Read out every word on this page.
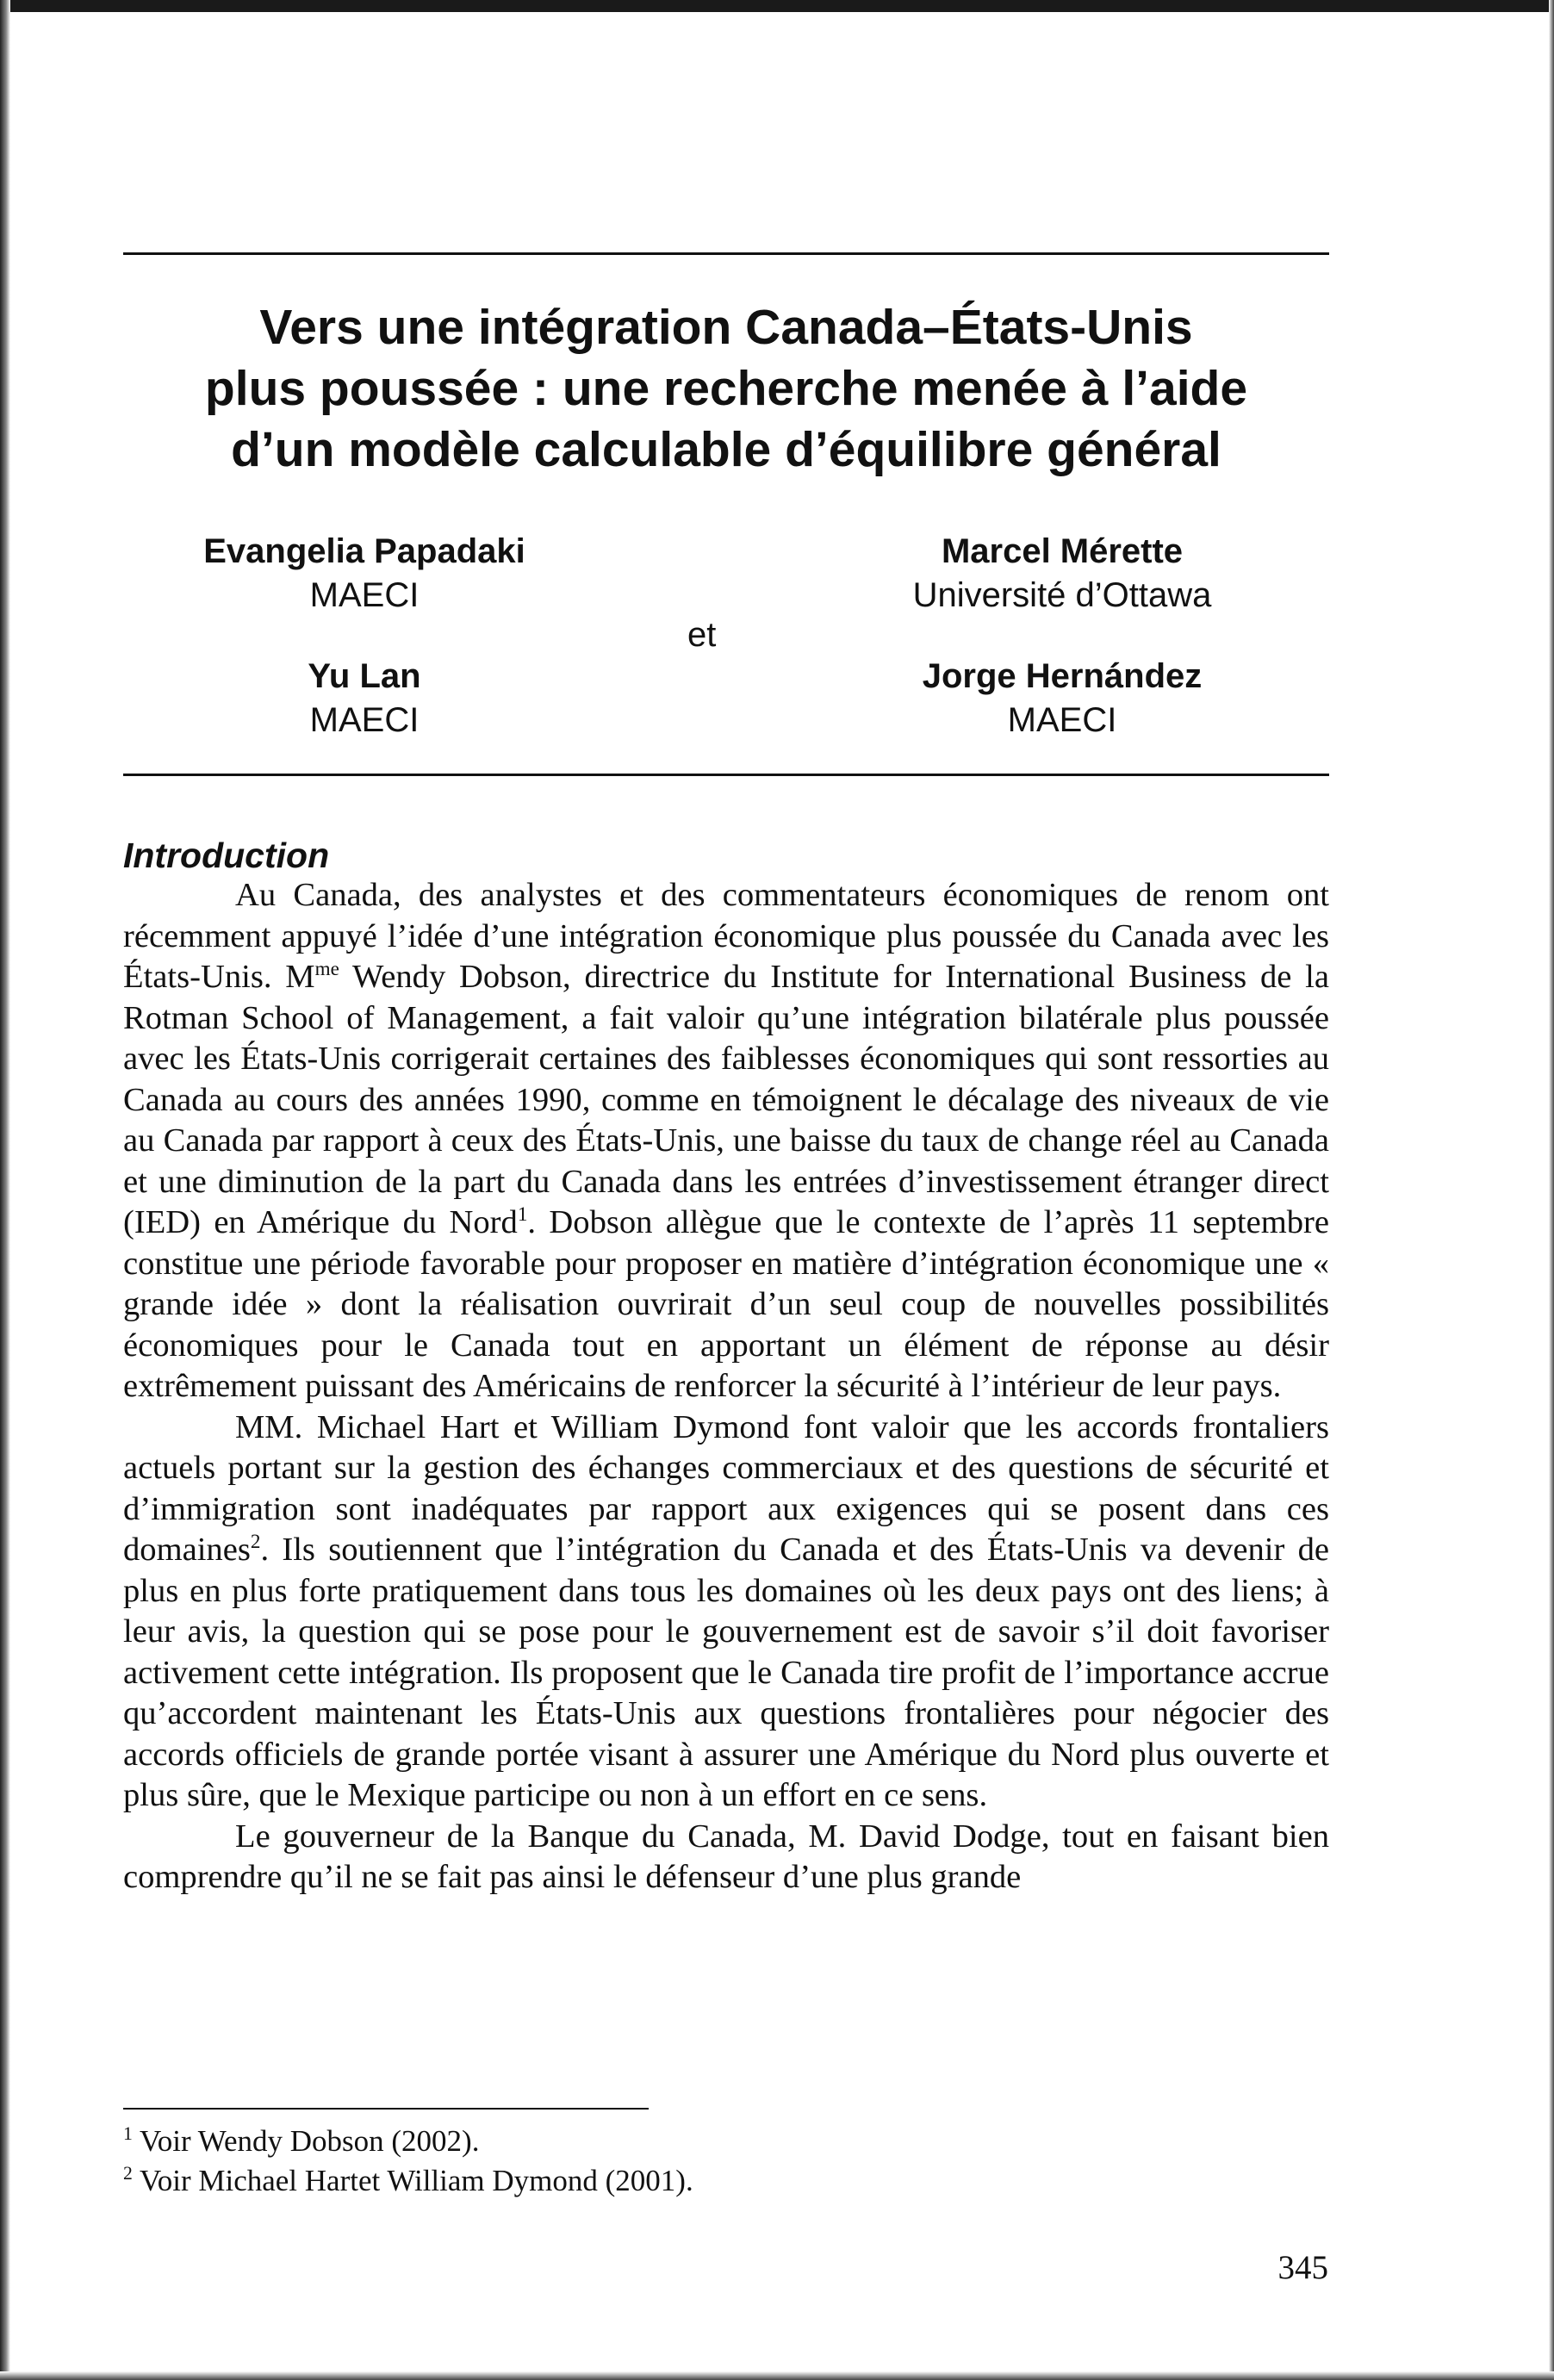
Vers une intégration Canada–États-Unis
plus poussée : une recherche menée à l’aide
d’un modèle calculable d’équilibre général
Evangelia Papadaki
MAECI
Marcel Mérette
Université d’Ottawa
et
Yu Lan
MAECI
Jorge Hernández
MAECI
Introduction

Au Canada, des analystes et des commentateurs économiques de renom ont récemment appuyé l’idée d’une intégration économique plus poussée du Canada avec les États-Unis. $M^{me}$ Wendy Dobson, directrice du Institute for International Business de la Rotman School of Management, a fait valoir qu’une intégration bilatérale plus poussée avec les États-Unis corrigerait certaines des faiblesses économiques qui sont ressorties au Canada au cours des années 1990, comme en témoignent le décalage des niveaux de vie au Canada par rapport à ceux des États-Unis, une baisse du taux de change réel au Canada et une diminution de la part du Canada dans les entrées d’investissement étranger direct (IED) en Amérique du Nord$^1$. Dobson allègue que le contexte de l’après 11 septembre constitue une période favorable pour proposer en matière d’intégration économique une « grande idée » dont la réalisation ouvrirait d’un seul coup de nouvelles possibilités économiques pour le Canada tout en apportant un élément de réponse au désir extrêmement puissant des Américains de renforcer la sécurité à l’intérieur de leur pays.

MM. Michael Hart et William Dymond font valoir que les accords frontaliers actuels portant sur la gestion des échanges commerciaux et des questions de sécurité et d’immigration sont inadéquates par rapport aux exigences qui se posent dans ces domaines$^2$. Ils soutiennent que l’intégration du Canada et des États-Unis va devenir de plus en plus forte pratiquement dans tous les domaines où les deux pays ont des liens; à leur avis, la question qui se pose pour le gouvernement est de savoir s’il doit favoriser activement cette intégration. Ils proposent que le Canada tire profit de l’importance accrue qu’accordent maintenant les États-Unis aux questions frontalières pour négocier des accords officiels de grande portée visant à assurer une Amérique du Nord plus ouverte et plus sûre, que le Mexique participe ou non à un effort en ce sens.

Le gouverneur de la Banque du Canada, M. David Dodge, tout en faisant bien comprendre qu’il ne se fait pas ainsi le défenseur d’une plus grande

$^1$ Voir Wendy Dobson (2002).
$^2$ Voir Michael Hartet William Dymond (2001).
345
